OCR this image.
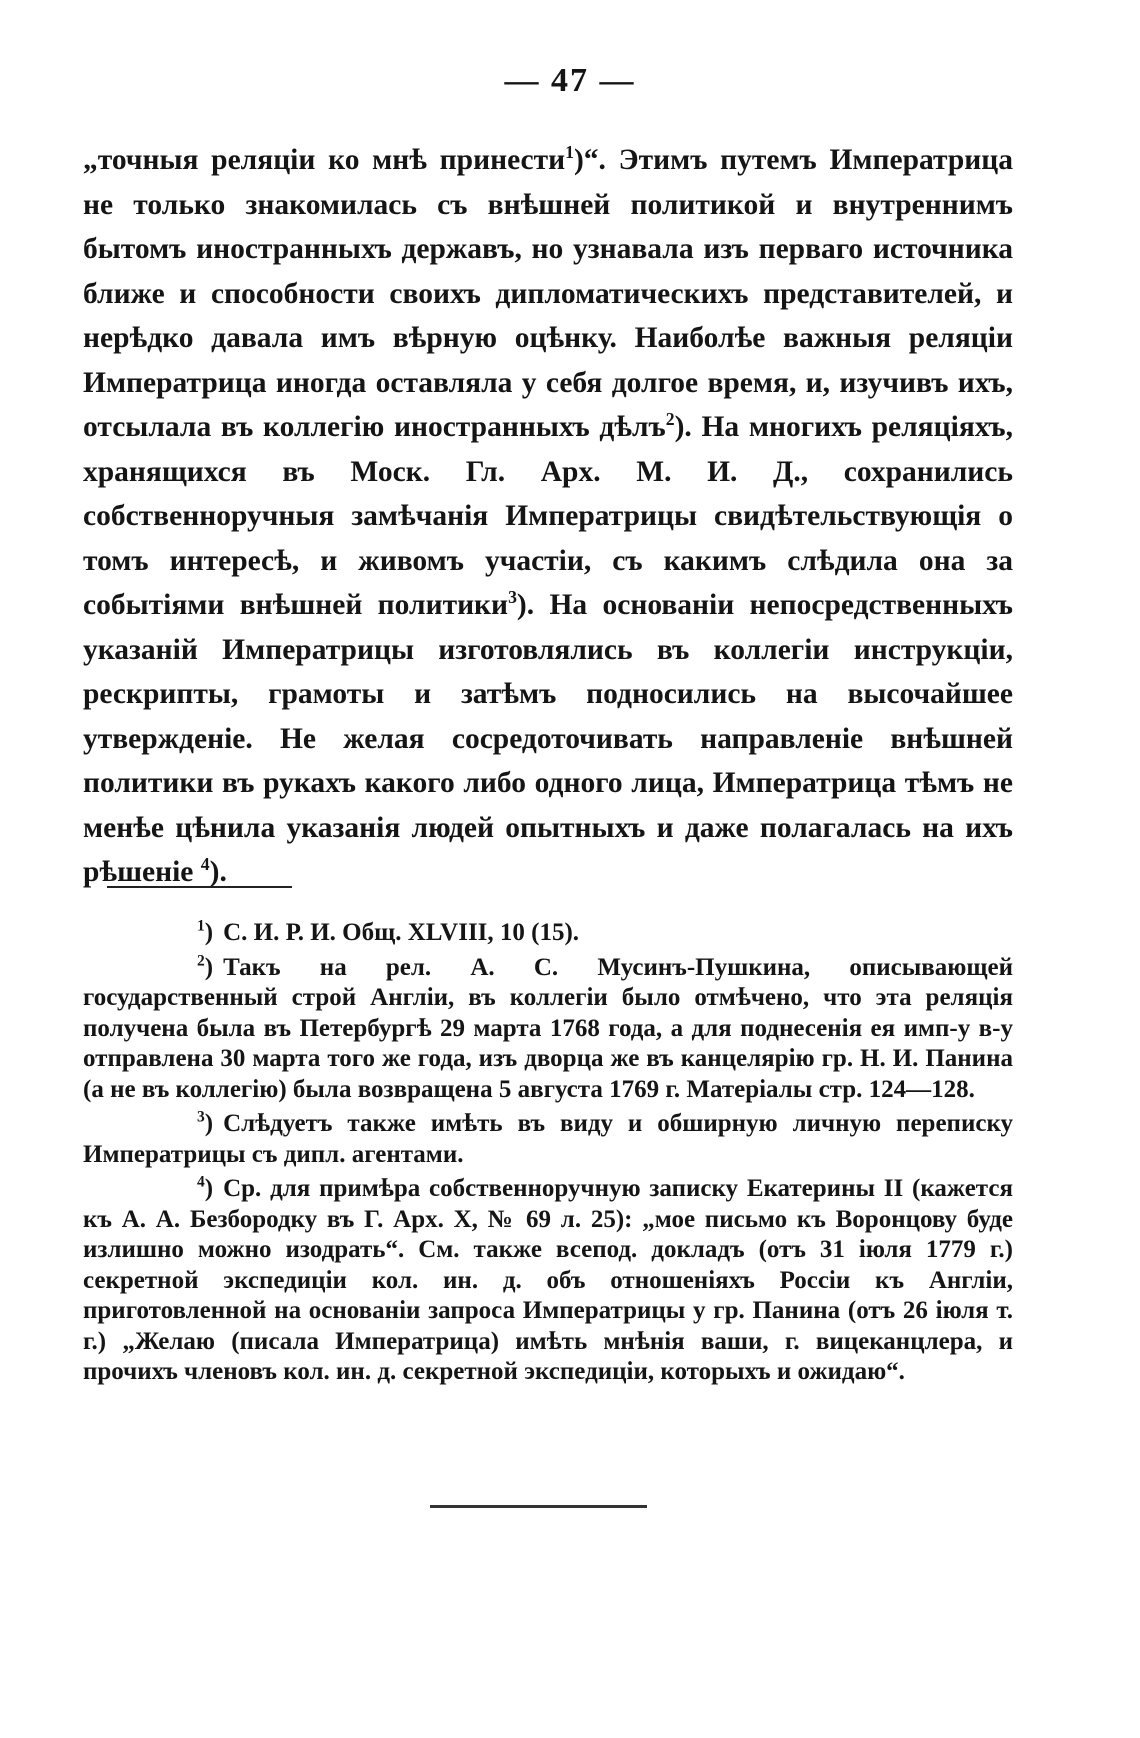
— 47 —

„точныя реляціи ко мнѣ принести$^1$)“. Этимъ путемъ Императрица не только знакомилась съ внѣшней политикой и внутреннимъ бытомъ иностранныхъ державъ, но узнавала изъ перваго источника ближе и способности своихъ дипломатическихъ представителей, и нерѣдко давала имъ вѣрную оцѣнку. Наиболѣе важныя реляціи Императрица иногда оставляла у себя долгое время, и, изучивъ ихъ, отсылала въ коллегію иностранныхъ дѣлъ$^2$). На многихъ реляціяхъ, хранящихся въ Моск. Гл. Арх. М. И. Д., сохранились собственноручныя замѣчанія Императрицы свидѣтельствующія о томъ интересѣ, и живомъ участіи, съ какимъ слѣдила она за событіями внѣшней политики$^3$). На основаніи непосредственныхъ указаній Императрицы изготовлялись въ коллегіи инструкціи, рескрипты, грамоты и затѣмъ подносились на высочайшее утвержденіе. Не желая сосредоточивать направленіе внѣшней политики въ рукахъ какого либо одного лица, Императрица тѣмъ не менѣе цѣнила указанія людей опытныхъ и даже полагалась на ихъ рѣшеніе $^4$).

$^1$) С. И. Р. И. Общ. XLVIII, 10 (15).

$^2$) Такъ на рел. А. С. Мусинъ-Пушкина, описывающей государственный строй Англіи, въ коллегіи было отмѣчено, что эта реляція получена была въ Петербургѣ 29 марта 1768 года, а для поднесенія ея имп-у в-у отправлена 30 марта того же года, изъ дворца же въ канцелярію гр. Н. И. Панина (а не въ коллегію) была возвращена 5 августа 1769 г. Матеріалы стр. 124—128.

$^3$) Слѣдуетъ также имѣть въ виду и обширную личную переписку Императрицы съ дипл. агентами.

$^4$) Ср. для примѣра собственноручную записку Екатерины II (кажется къ А. А. Безбородку въ Г. Арх. X, № 69 л. 25): „мое письмо къ Воронцову буде излишно можно изодрать“. См. также всепод. докладъ (отъ 31 іюля 1779 г.) секретной экспедиціи кол. ин. д. объ отношеніяхъ Россіи къ Англіи, приготовленной на основаніи запроса Императрицы у гр. Панина (отъ 26 іюля т. г.) „Желаю (писала Императрица) имѣть мнѣнія ваши, г. вицеканцлера, и прочихъ членовъ кол. ин. д. секретной экспедиціи, которыхъ и ожидаю“.
